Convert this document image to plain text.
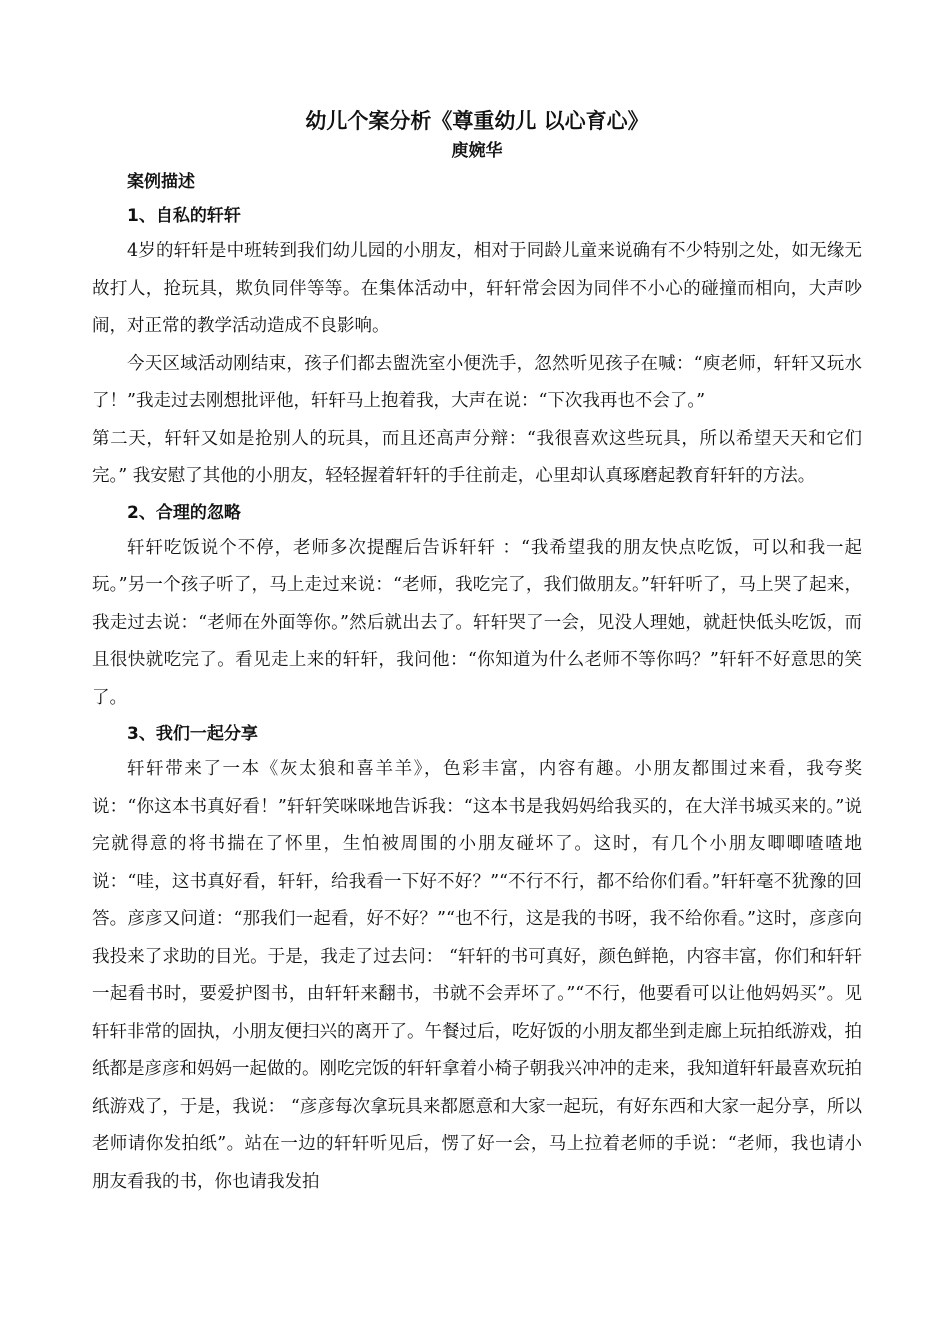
幼儿个案分析《尊重幼儿 以心育心》

庾婉华

案例描述

1、自私的轩轩

4岁的轩轩是中班转到我们幼儿园的小朋友，相对于同龄儿童来说确有不少特别之处，如无缘无故打人，抢玩具，欺负同伴等等。在集体活动中，轩轩常会因为同伴不小心的碰撞而相向，大声吵闹，对正常的教学活动造成不良影响。

今天区域活动刚结束，孩子们都去盥洗室小便洗手，忽然听见孩子在喊：“庾老师，轩轩又玩水了！”我走过去刚想批评他，轩轩马上抱着我，大声在说：“下次我再也不会了。”

第二天，轩轩又如是抢别人的玩具，而且还高声分辩：“我很喜欢这些玩具，所以希望天天和它们完。” 我安慰了其他的小朋友，轻轻握着轩轩的手往前走，心里却认真琢磨起教育轩轩的方法。

2、合理的忽略

轩轩吃饭说个不停，老师多次提醒后告诉轩轩 ：“我希望我的朋友快点吃饭，可以和我一起玩。”另一个孩子听了，马上走过来说：“老师，我吃完了，我们做朋友。”轩轩听了，马上哭了起来，我走过去说：“老师在外面等你。”然后就出去了。轩轩哭了一会，见没人理她，就赶快低头吃饭，而且很快就吃完了。看见走上来的轩轩，我问他：“你知道为什么老师不等你吗？”轩轩不好意思的笑了。

3、我们一起分享

轩轩带来了一本《灰太狼和喜羊羊》，色彩丰富，内容有趣。小朋友都围过来看，我夸奖说：“你这本书真好看！”轩轩笑咪咪地告诉我：“这本书是我妈妈给我买的，在大洋书城买来的。”说完就得意的将书揣在了怀里，生怕被周围的小朋友碰坏了。这时，有几个小朋友唧唧喳喳地说：“哇，这书真好看，轩轩，给我看一下好不好？”“不行不行，都不给你们看。”轩轩毫不犹豫的回答。彦彦又问道：“那我们一起看，好不好？”“也不行，这是我的书呀，我不给你看。”这时，彦彦向我投来了求助的目光。于是，我走了过去问： “轩轩的书可真好，颜色鲜艳，内容丰富，你们和轩轩一起看书时，要爱护图书，由轩轩来翻书，书就不会弄坏了。”“不行，他要看可以让他妈妈买”。见轩轩非常的固执，小朋友便扫兴的离开了。午餐过后，吃好饭的小朋友都坐到走廊上玩拍纸游戏，拍纸都是彦彦和妈妈一起做的。刚吃完饭的轩轩拿着小椅子朝我兴冲冲的走来，我知道轩轩最喜欢玩拍纸游戏了，于是，我说： “彦彦每次拿玩具来都愿意和大家一起玩，有好东西和大家一起分享，所以老师请你发拍纸”。站在一边的轩轩听见后，愣了好一会，马上拉着老师的手说：“老师，我也请小朋友看我的书，你也请我发拍
